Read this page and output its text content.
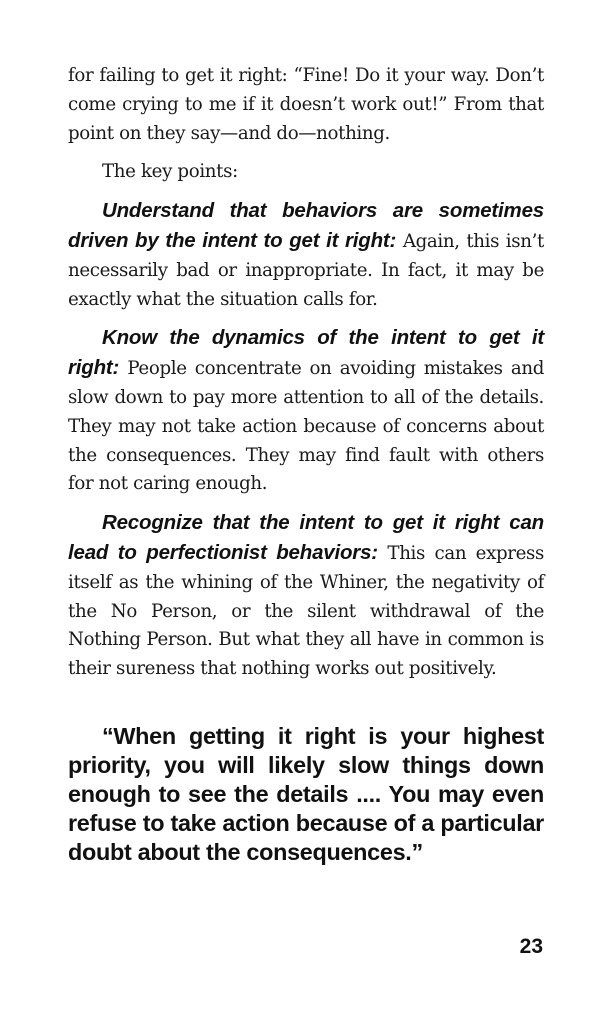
for failing to get it right: “Fine! Do it your way. Don’t come crying to me if it doesn’t work out!” From that point on they say—and do—nothing.

The key points:

Understand that behaviors are sometimes driven by the intent to get it right: Again, this isn’t necessarily bad or inappropriate. In fact, it may be exactly what the situation calls for.

Know the dynamics of the intent to get it right: People concentrate on avoiding mistakes and slow down to pay more attention to all of the details. They may not take action because of concerns about the consequences. They may find fault with others for not caring enough.

Recognize that the intent to get it right can lead to perfectionist behaviors: This can express itself as the whining of the Whiner, the negativity of the No Person, or the silent withdrawal of the Nothing Person. But what they all have in common is their sureness that nothing works out positively.

“When getting it right is your highest priority, you will likely slow things down enough to see the details .... You may even refuse to take action because of a particular doubt about the consequences.”

23
